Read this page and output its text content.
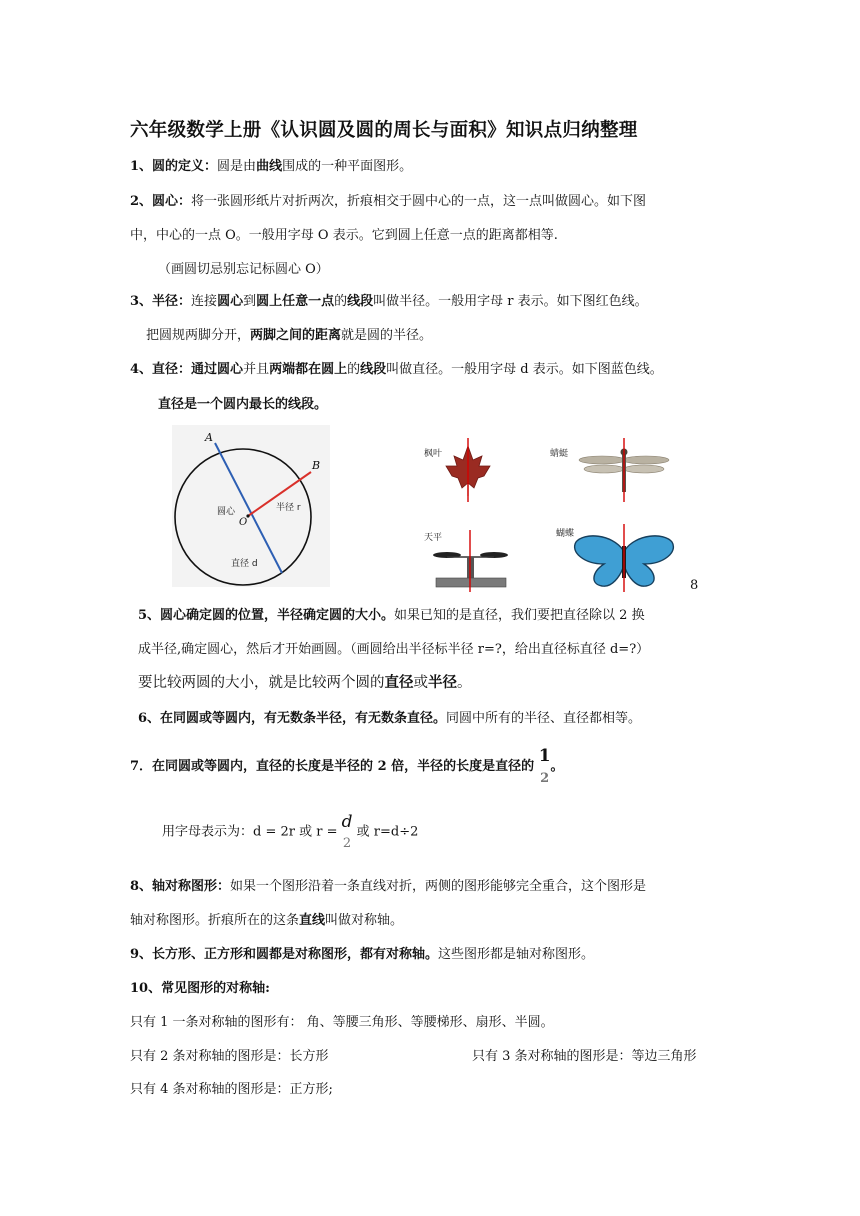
六年级数学上册《认识圆及圆的周长与面积》知识点归纳整理
1、圆的定义：圆是由曲线围成的一种平面图形。
2、圆心：将一张圆形纸片对折两次，折痕相交于圆中心的一点，这一点叫做圆心。如下图
中，中心的一点 O。一般用字母 O 表示。它到圆上任意一点的距离都相等.
（画圆切忌别忘记标圆心 O）
3、半径：连接圆心到圆上任意一点的线段叫做半径。一般用字母 r 表示。如下图红色线。
把圆规两脚分开，两脚之间的距离就是圆的半径。
4、直径：通过圆心并且两端都在圆上的线段叫做直径。一般用字母 d 表示。如下图蓝色线。
直径是一个圆内最长的线段。
A
B
O
圆心	半径 r
直径 d
枫叶	蜻蜓
天平	蝴蝶
8
5、圆心确定圆的位置，半径确定圆的大小。如果已知的是直径，我们要把直径除以 2 换
成半径,确定圆心，然后才开始画圆。（画圆给出半径标半径 r=?，给出直径标直径 d=?）
要比较两圆的大小，就是比较两个圆的直径或半径。
6、在同圆或等圆内，有无数条半径，有无数条直径。同圆中所有的半径、直径都相等。
7．在同圆或等圆内，直径的长度是半径的 2 倍，半径的长度是直径的 $\frac{1}{2}$ 。
用字母表示为：d = 2r 或 r = d
2
或 r=d÷2
8、轴对称图形：如果一个图形沿着一条直线对折，两侧的图形能够完全重合，这个图形是
轴对称图形。折痕所在的这条直线叫做对称轴。
9、长方形、正方形和圆都是对称图形，都有对称轴。这些图形都是轴对称图形。
10、常见图形的对称轴:
只有 1 一条对称轴的图形有： 角、等腰三角形、等腰梯形、扇形、半圆。
只有 2 条对称轴的图形是：长方形	只有 3 条对称轴的图形是：等边三角形
只有 4 条对称轴的图形是：正方形;
